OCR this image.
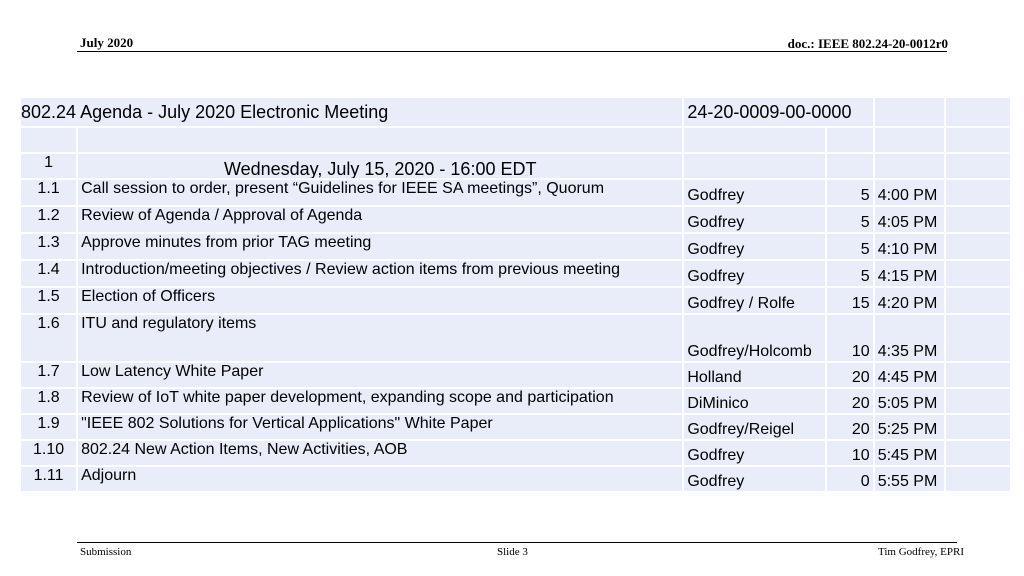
July 2020	doc.: IEEE 802.24-20-0012r0
802.24 Agenda - July 2020 Electronic Meeting		24-20-0009-00-0000			

1	Wednesday, July 15, 2020 - 16:00 EDT				
1.1	Call session to order, present “Guidelines for IEEE SA meetings”, Quorum	Godfrey	5	4:00 PM	
1.2	Review of Agenda / Approval of Agenda	Godfrey	5	4:05 PM	
1.3	Approve minutes from prior TAG meeting	Godfrey	5	4:10 PM	
1.4	Introduction/meeting objectives / Review action items from previous meeting	Godfrey	5	4:15 PM	
1.5	Election of Officers	Godfrey / Rolfe	15	4:20 PM	
1.6	ITU and regulatory items	Godfrey/Holcomb	10	4:35 PM	
1.7	Low Latency White Paper	Holland	20	4:45 PM	
1.8	Review of IoT white paper development, expanding scope and participation	DiMinico	20	5:05 PM	
1.9	"IEEE 802 Solutions for Vertical Applications" White Paper	Godfrey/Reigel	20	5:25 PM	
1.10	802.24 New Action Items, New Activities, AOB	Godfrey	10	5:45 PM	
1.11	Adjourn	Godfrey	0	5:55 PM	
Submission	Slide 3	Tim Godfrey, EPRI
